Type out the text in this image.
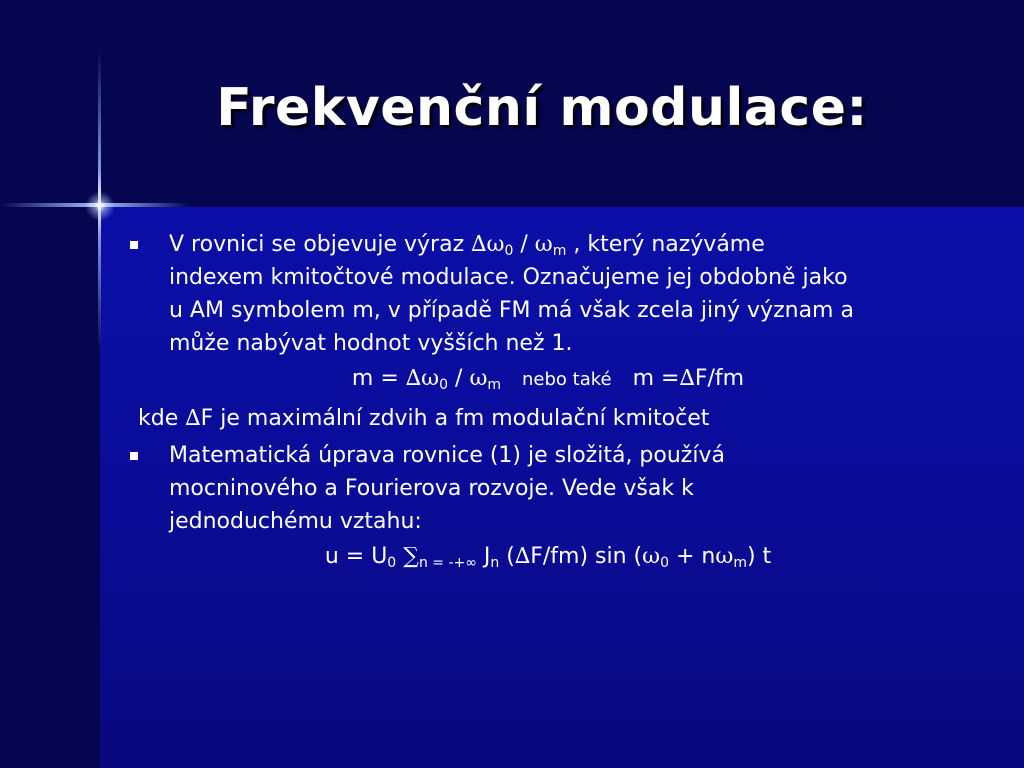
Frekvenční modulace:
V rovnici se objevuje výraz $\Delta\omega_0 / \omega_m$ , který nazýváme
indexem kmitočtové modulace. Označujeme jej obdobně jako
u AM symbolem m, v případě FM má však zcela jiný význam a
může nabývat hodnot vyšších než 1.
$m = \Delta\omega_0 / \omega_m$ nebo také m =∆F/fm
kde ∆F je maximální zdvih a fm modulační kmitočet
Matematická úprava rovnice (1) je složitá, používá
mocninového a Fourierova rozvoje. Vede však k
jednoduchému vztahu:
$u = U_0$ $\sum_{n = -+\infty}$ $J_n$ (∆F/fm) $\sin (\omega_0 + n\omega_m)$ t
